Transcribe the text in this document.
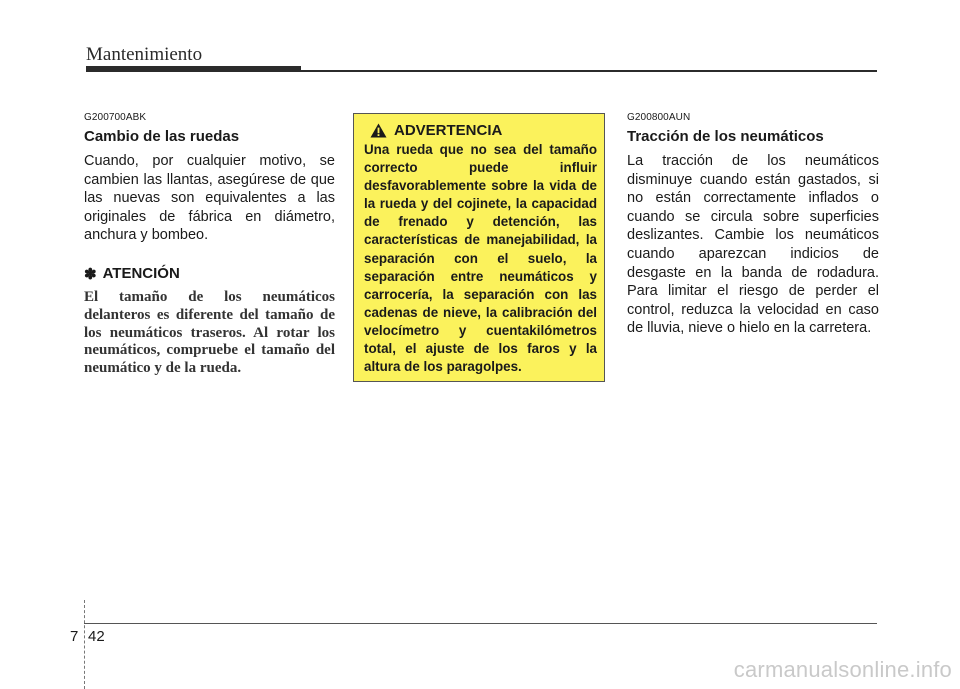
Mantenimiento
G200700ABK
Cambio de las ruedas

Cuando, por cualquier motivo, se cambien las llantas, asegúrese de que las nuevas son equivalentes a las originales de fábrica en diámetro, anchura y bombeo.

✽ ATENCIÓN

El tamaño de los neumáticos delanteros es diferente del tamaño de los neumáticos traseros. Al rotar los neumáticos, compruebe el tamaño del neumático y de la rueda.

ADVERTENCIA

Una rueda que no sea del tamaño correcto puede influir desfavorablemente sobre la vida de la rueda y del cojinete, la capacidad de frenado y detención, las características de manejabilidad, la separación con el suelo, la separación entre neumáticos y carrocería, la separación con las cadenas de nieve, la calibración del velocímetro y cuentakilómetros total, el ajuste de los faros y la altura de los paragolpes.

G200800AUN
Tracción de los neumáticos

La tracción de los neumáticos disminuye cuando están gastados, si no están correctamente inflados o cuando se circula sobre superficies deslizantes. Cambie los neumáticos cuando aparezcan indicios de desgaste en la banda de rodadura. Para limitar el riesgo de perder el control, reduzca la velocidad en caso de lluvia, nieve o hielo en la carretera.

7 42
carmanualsonline.info
